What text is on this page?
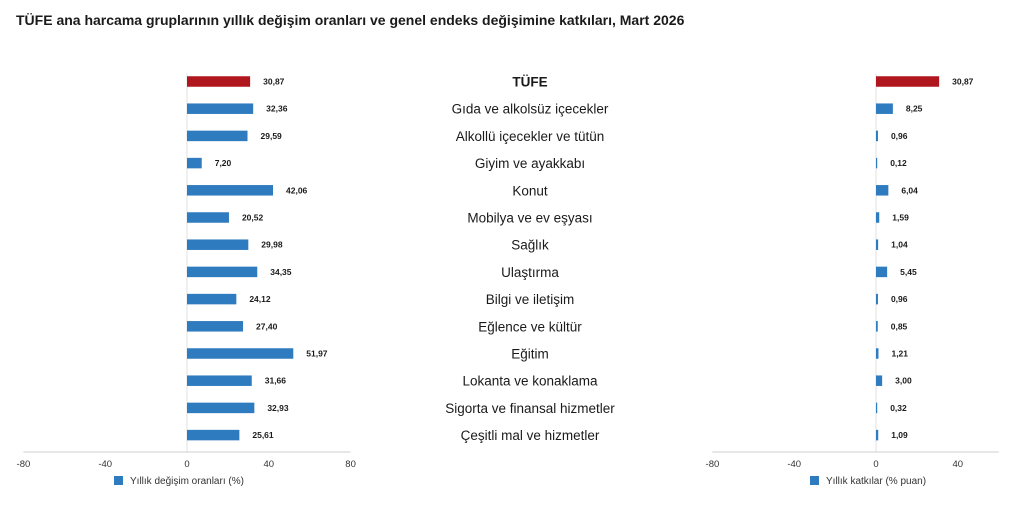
TÜFE ana harcama gruplarının yıllık değişim oranları ve genel endeks değişimine katkıları, Mart 2026
30,87
32,36
29,59
7,20
42,06
20,52
29,98
34,35
24,12
27,40
51,97
31,66
32,93
25,61
-80	-40	0	40	80
Yıllık değişim oranları (%)
30,87
8,25
0,96
0,12
6,04
1,59
1,04
5,45
0,96
0,85
1,21
3,00
0,32
1,09
-80	-40	0	40
Yıllık katkılar (% puan)
TÜFE
Gıda ve alkolsüz içecekler
Alkollü içecekler ve tütün
Giyim ve ayakkabı
Konut
Mobilya ve ev eşyası
Sağlık
Ulaştırma
Bilgi ve iletişim
Eğlence ve kültür
Eğitim
Lokanta ve konaklama
Sigorta ve finansal hizmetler
Çeşitli mal ve hizmetler
